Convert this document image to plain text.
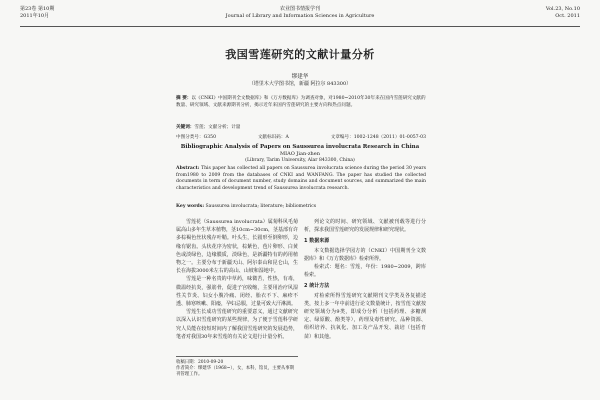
第23卷 第10期
2011年10月
农业图书情报学刊
Journal of Library and Information Sciences in Agriculture
Vol.23, No.10
Oct. 2011
我国雪莲研究的文献计量分析
缪建华
（塔里木大学图书馆，新疆 阿拉尔 843300）
摘 要：以《CNKI》中国期刊全文数据库》和《万方数据库》为调查对象，对1980~2010年30年来在国内雪莲研究文献的数量、研究领域、文献来源期刊分析，揭示近年来国内雪莲研究的主要方向和热点问题。
关键词：雪莲；文献分析；计量
中图分类号：G350	文献标识码：A	文章编号：1002-1248（2011）01-0057-03
Bibliographic Analysis of Papers on Saussurea involucrata Research in China
MIAO Jian-zhen
(Library, Tarim University, Alar 843300, China)
Abstract: This paper has collected all papers on Saussurea involucrata science during the period 30 years from1980 to 2009 from the databases of CNKI and WANFANG. The paper has studied the collected documents in term of document number, study domains and document sources, and summarized the main characteristics and development trend of Saussurea involucrata research.
Key words: Saussurea involucrata; literature; bibliometrics

雪莲花（Saussurea involucrata）属菊科风毛菊属高山多年生草本植物，茎10cm~30cm，茎基部有许多棕褐色丝状残存叶鞘。叶头生，长圆形至倒卵形，边缘有锯齿。头状花序为密状，棕紫色，苞片卵形、白黄色或淡绿色，边缘膜质，淡绿色，是新疆特有的药用植物之一。主要分布于新疆天山、阿尔泰山和昆仑山，生长在海拔3000米左右的高山、山坡和湿地中。

雪莲是一种名贵的中草药，味微苦，性热，有毒，微温经抗炎，强筋骨，促进子宫收缩，主要用治疗风湿性关节炎、妇女小腹冷痛、闭经、胎衣不下、麻疹不透、肺寒咳嗽、阳痿，孕妇忌服，过量可致大汗淋漓。

雪莲生长成功雪莲研究的重要意义，通过文献研究以深入认识雪莲研究的某些规律，为了便于雪莲科学研究人员能在较短时间内了解我国雪莲研究的发展趋势，笔者对我国30年来雪莲的有关论文进行计量分析。

列论文的时间、研究领域、文献被刊载等进行分析，探求我国雪莲研究的发展规律和研究现状。

1 数据来源

本文数据选择学园方的（CNKI）中国期刊全文数据库》和《万方数据库》检索所得。

检索式：题名：雪莲，年份：1980~2009，跨库检索。

2 统计方法

对检索所得雪莲研究文献期刊文学类及各复描述类，按上多一年中前进行论文数量统计，按雪莲文献按研究领域分为9类，即成分分析（包括药理、多糖测定、绿原酸、酚类等），药理及毒性研究、品种资源、组织培养、抗氧化、加工及产品开发、栽培（包括育苗）和其他。

收稿日期：2010-09-20
作者简介：缪建华（1968~），女，本科，馆员，主要从事期刊管理工作。
